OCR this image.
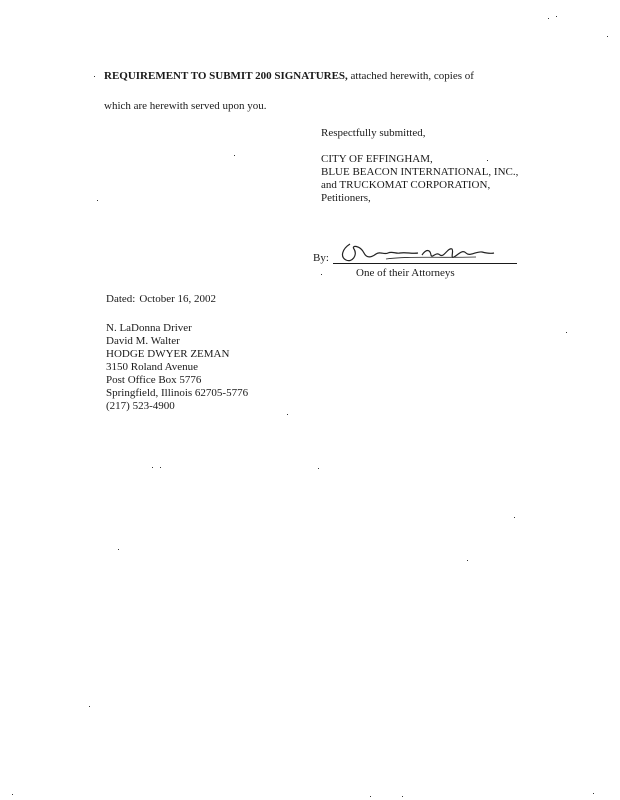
REQUIREMENT TO SUBMIT 200 SIGNATURES, attached herewith, copies of
which are herewith served upon you.
Respectfully submitted,
CITY OF EFFINGHAM,
BLUE BEACON INTERNATIONAL, INC.,
and TRUCKOMAT CORPORATION,
Petitioners,
By:
One of their Attorneys
Dated: October 16, 2002
N. LaDonna Driver
David M. Walter
HODGE DWYER ZEMAN
3150 Roland Avenue
Post Office Box 5776
Springfield, Illinois 62705-5776
(217) 523-4900
